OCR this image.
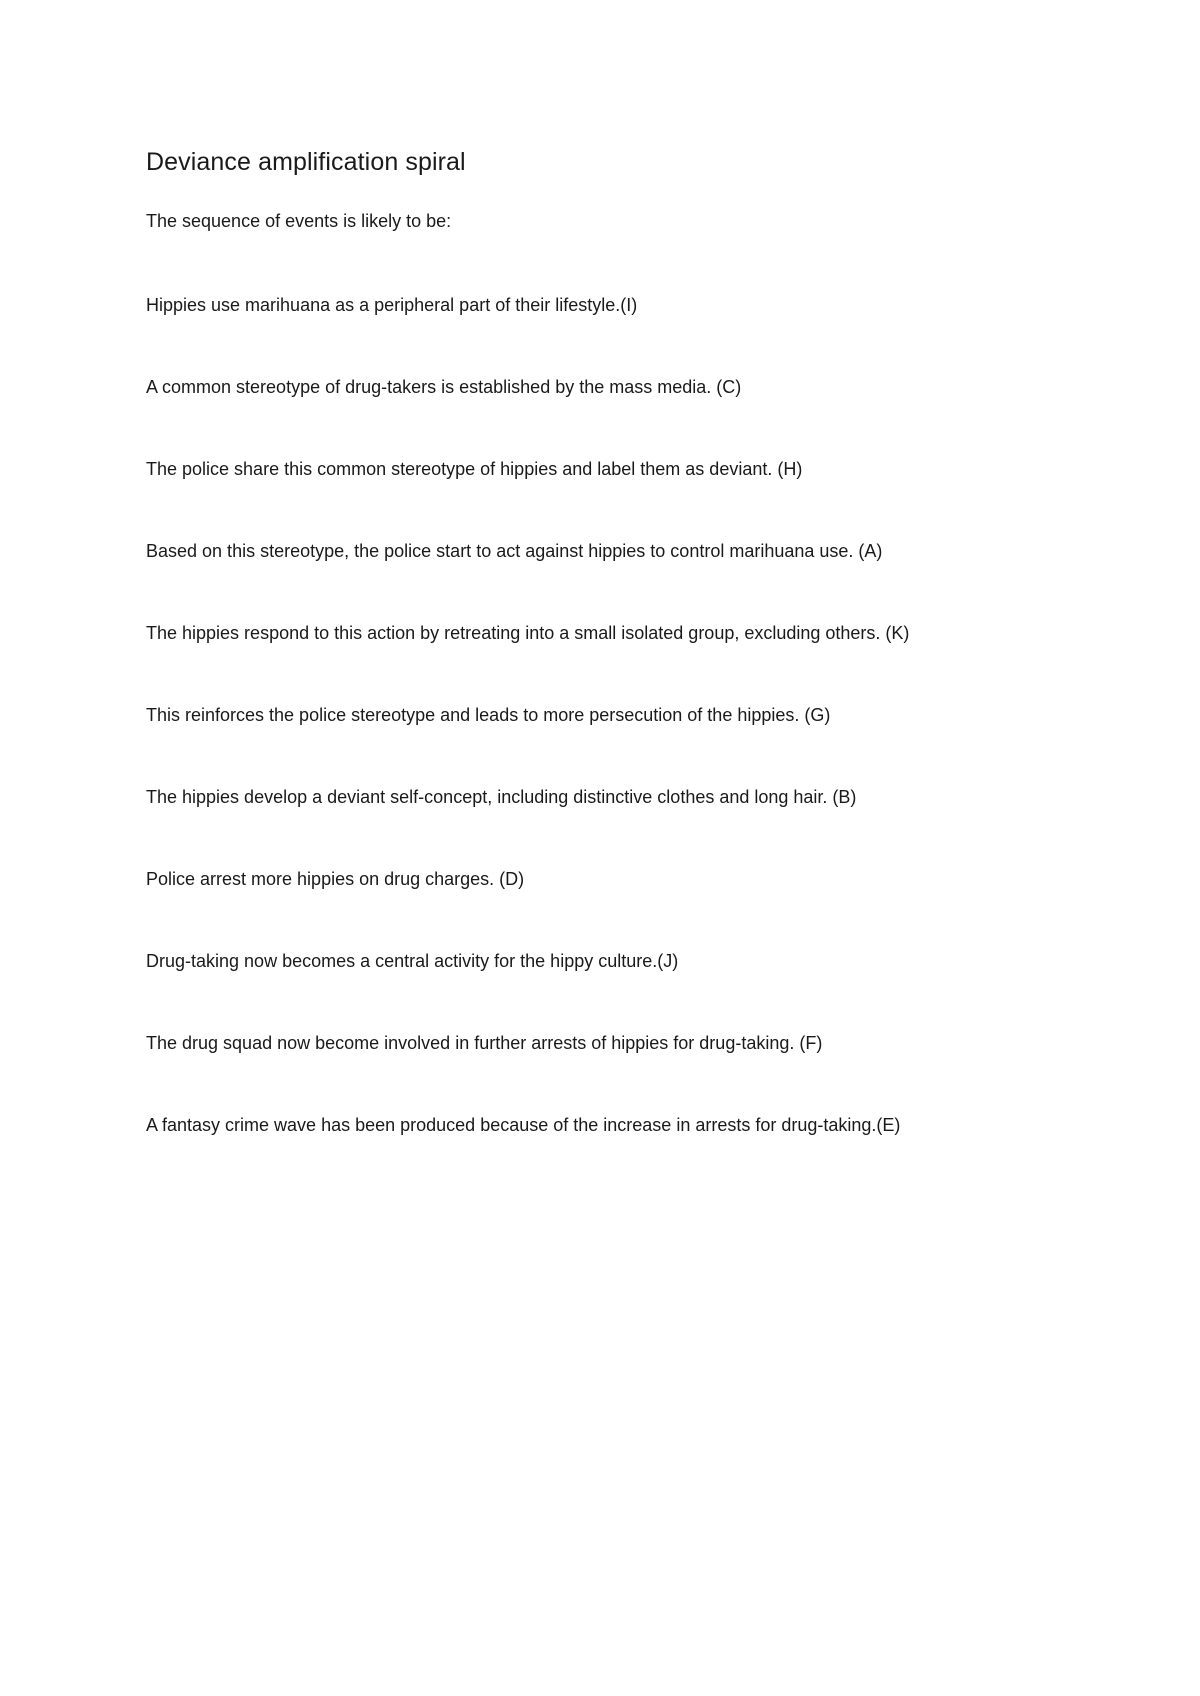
Deviance amplification spiral

The sequence of events is likely to be:

Hippies use marihuana as a peripheral part of their lifestyle.(I)
A common stereotype of drug-takers is established by the mass media. (C)
The police share this common stereotype of hippies and label them as deviant. (H)
Based on this stereotype, the police start to act against hippies to control marihuana use. (A)
The hippies respond to this action by retreating into a small isolated group, excluding others. (K)
This reinforces the police stereotype and leads to more persecution of the hippies. (G)
The hippies develop a deviant self-concept, including distinctive clothes and long hair. (B)
Police arrest more hippies on drug charges. (D)
Drug-taking now becomes a central activity for the hippy culture.(J)
The drug squad now become involved in further arrests of hippies for drug-taking. (F)
A fantasy crime wave has been produced because of the increase in arrests for drug-taking.(E)
